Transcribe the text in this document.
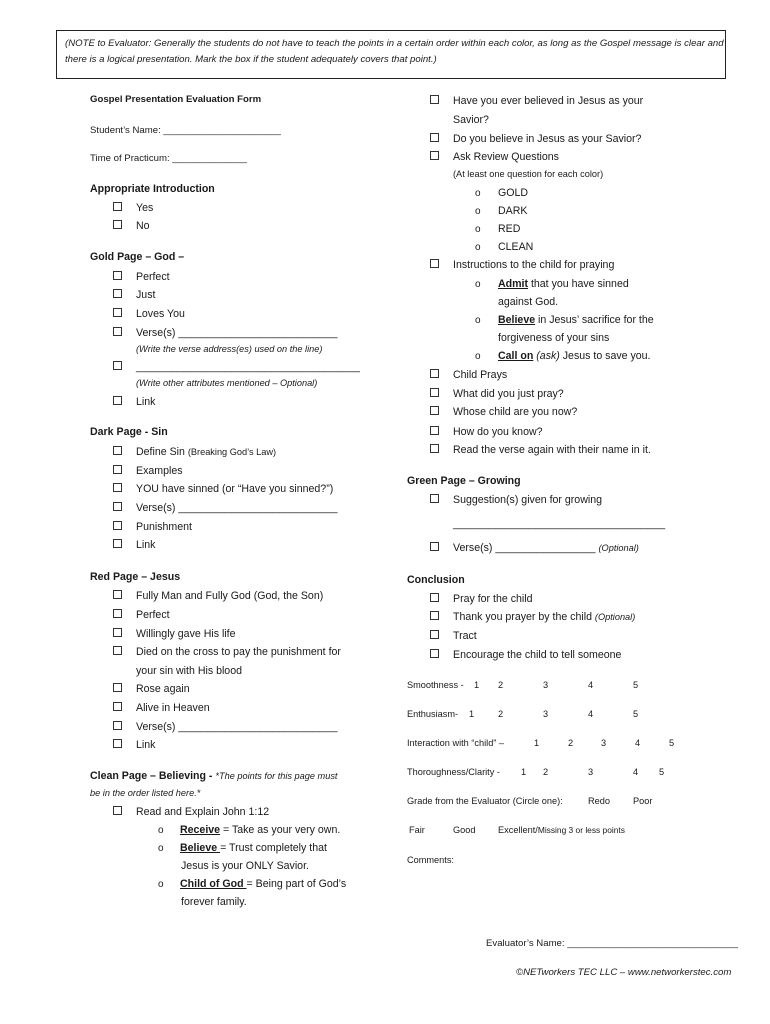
(NOTE to Evaluator: Generally the students do not have to teach the points in a certain order within each color, as long as the Gospel message is clear and there is a logical presentation. Mark the box if the student adequately covers that point.)
Gospel Presentation Evaluation Form
Student’s Name: ______________________
Time of Practicum: ______________
Appropriate Introduction
Yes
No
Gold Page – God –
Perfect
Just
Loves You
Verse(s) ___________________________
(Write the verse address(es) used on the line)
______________________________________
(Write other attributes mentioned – Optional)
Link
Dark Page - Sin
Define Sin (Breaking God’s Law)
Examples
YOU have sinned (or “Have you sinned?”)
Verse(s) ___________________________
Punishment
Link
Red Page – Jesus
Fully Man and Fully God (God, the Son)
Perfect
Willingly gave His life
Died on the cross to pay the punishment for
your sin with His blood
Rose again
Alive in Heaven
Verse(s) ___________________________
Link
Clean Page – Believing - *The points for this page must
be in the order listed here.*
Read and Explain John 1:12
o Receive = Take as your very own.
o Believe = Trust completely that
Jesus is your ONLY Savior.
o Child of God = Being part of God’s
forever family.
Have you ever believed in Jesus as your
Savior?
Do you believe in Jesus as your Savior?
Ask Review Questions
(At least one question for each color)
o GOLD
o DARK
o RED
o CLEAN
Instructions to the child for praying
o Admit that you have sinned
against God.
o Believe in Jesus’ sacrifice for the
forgiveness of your sins
o Call on (ask) Jesus to save you.
Child Prays
What did you just pray?
Whose child are you now?
How do you know?
Read the verse again with their name in it.
Green Page – Growing
Suggestion(s) given for growing
____________________________________
Verse(s) _________________ (Optional)
Conclusion
Pray for the child
Thank you prayer by the child (Optional)
Tract
Encourage the child to tell someone
Smoothness - 1 2	3	4	5
Enthusiasm- 1	2	3	4	5
Interaction with “child” –	1	2	3	4	5
Thoroughness/Clarity - 1 2	3	4 5
Grade from the Evaluator (Circle one):	Redo	Poor
Fair	Good Excellent/Missing 3 or less points
Comments:
Evaluator’s Name: ________________________________
©NETworkers TEC LLC – www.networkerstec.com
